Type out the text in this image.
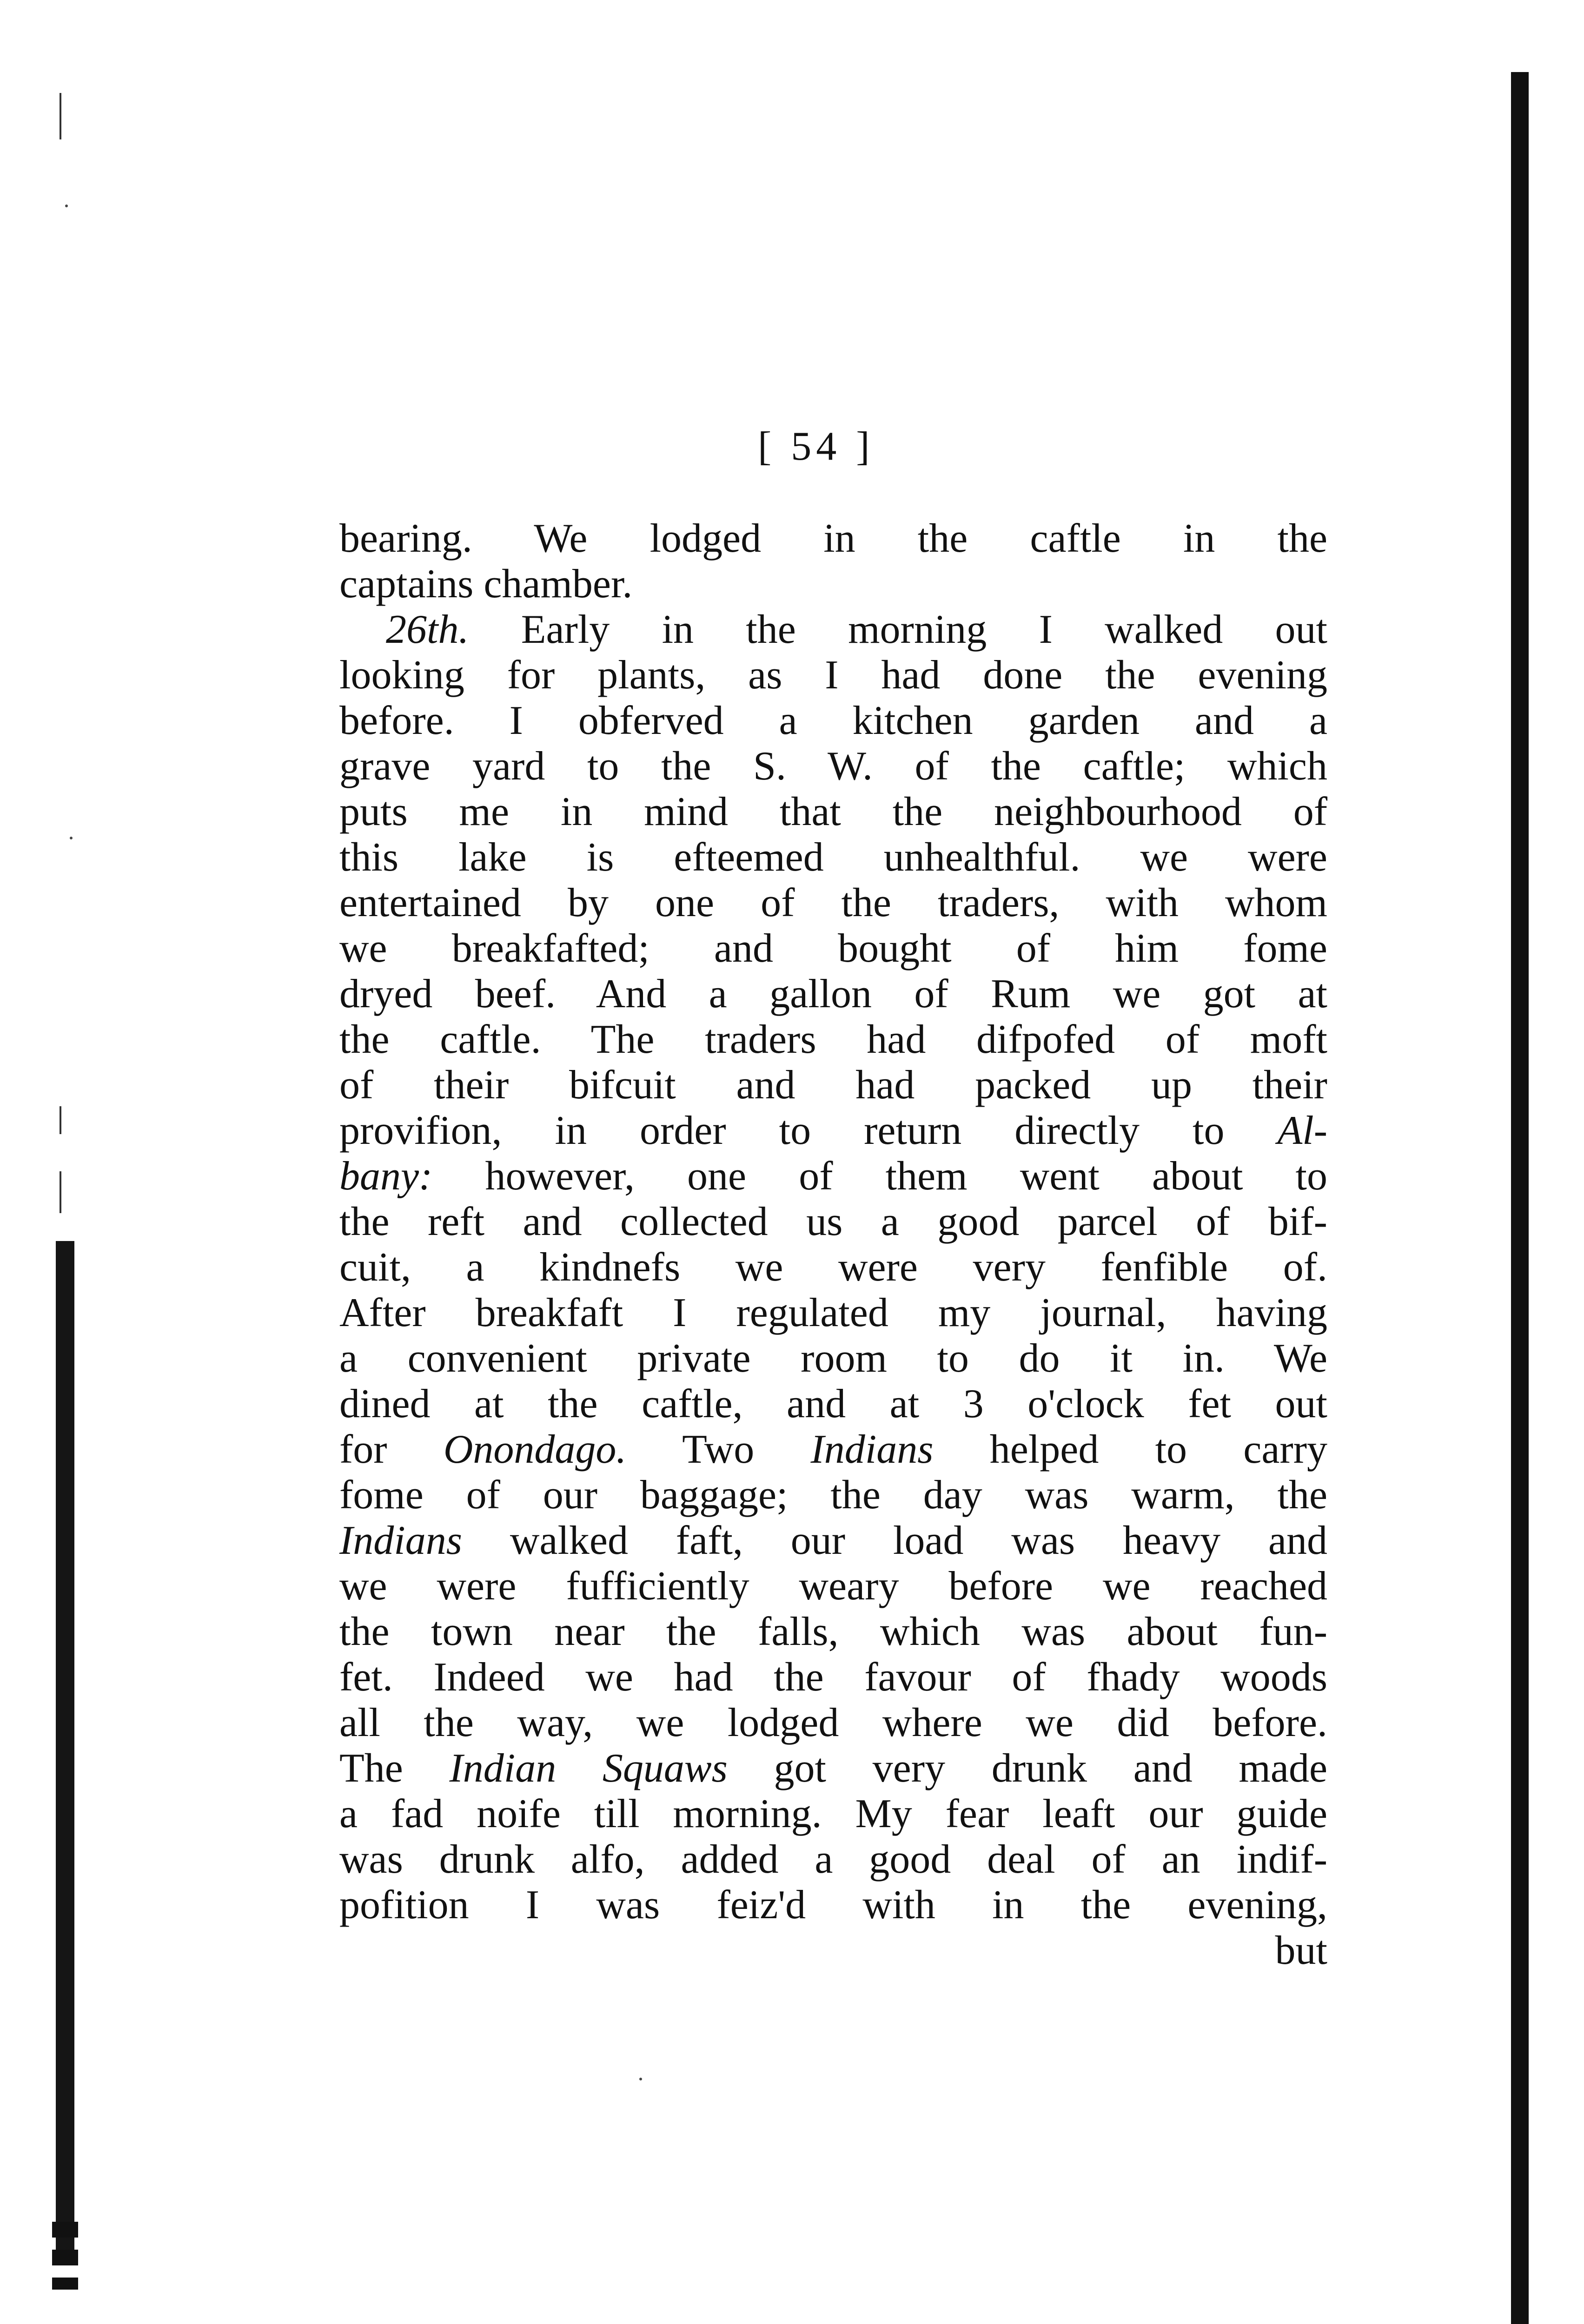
[ 54 ]
bearing. We lodged in the caftle in the
captains chamber.
26th. Early in the morning I walked out
looking for plants, as I had done the evening
before. I obferved a kitchen garden and a
grave yard to the S. W. of the caftle; which
puts me in mind that the neighbourhood of
this lake is efteemed unhealthful. we were
entertained by one of the traders, with whom
we breakfafted; and bought of him fome
dryed beef. And a gallon of Rum we got at
the caftle. The traders had difpofed of moft
of their bifcuit and had packed up their
provifion, in order to return directly to Al-
bany: however, one of them went about to
the reft and collected us a good parcel of bif-
cuit, a kindnefs we were very fenfible of.
After breakfaft I regulated my journal, having
a convenient private room to do it in. We
dined at the caftle, and at 3 o'clock fet out
for Onondago. Two Indians helped to carry
fome of our baggage; the day was warm, the
Indians walked faft, our load was heavy and
we were fufficiently weary before we reached
the town near the falls, which was about fun-
fet. Indeed we had the favour of fhady woods
all the way, we lodged where we did before.
The Indian Squaws got very drunk and made
a fad noife till morning. My fear leaft our guide
was drunk alfo, added a good deal of an indif-
pofition I was feiz'd with in the evening,
but
